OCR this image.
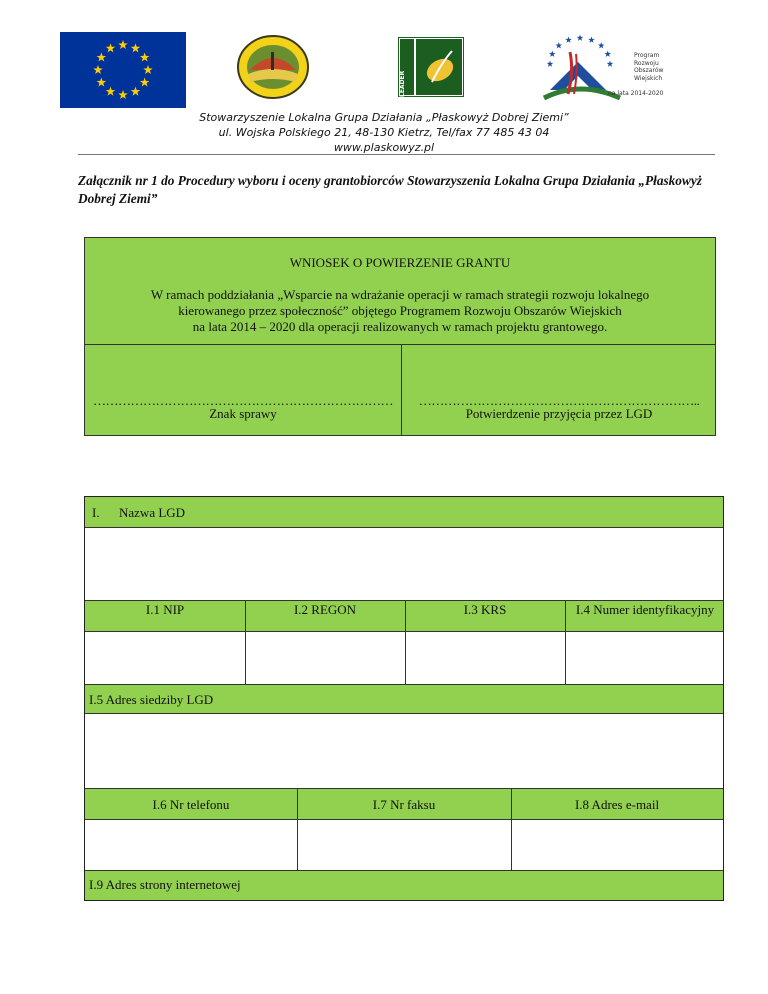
LEADER
Program
Rozwoju
Obszarów
Wiejskich
na lata 2014-2020
Stowarzyszenie Lokalna Grupa Działania „Płaskowyż Dobrej Ziemi”
ul. Wojska Polskiego 21, 48-130 Kietrz, Tel/fax 77 485 43 04
www.plaskowyz.pl
Załącznik nr 1 do Procedury wyboru i oceny grantobiorców Stowarzyszenia Lokalna Grupa Działania „Płaskowyż Dobrej Ziemi”
WNIOSEK O POWIERZENIE GRANTU
W ramach poddziałania „Wsparcie na wdrażanie operacji w ramach strategii rozwoju lokalnego
kierowanego przez społeczność” objętego Programem Rozwoju Obszarów Wiejskich
na lata 2014 – 2020 dla operacji realizowanych w ramach projektu grantowego.
………………………………………………………………
Znak sprawy
…………………………………………………………..
Potwierdzenie przyjęcia przez LGD
I. Nazwa LGD
I.1 NIP	I.2 REGON	I.3 KRS	I.4 Numer identyfikacyjny
I.5 Adres siedziby LGD
I.6 Nr telefonu	I.7 Nr faksu	I.8 Adres e-mail
I.9 Adres strony internetowej
